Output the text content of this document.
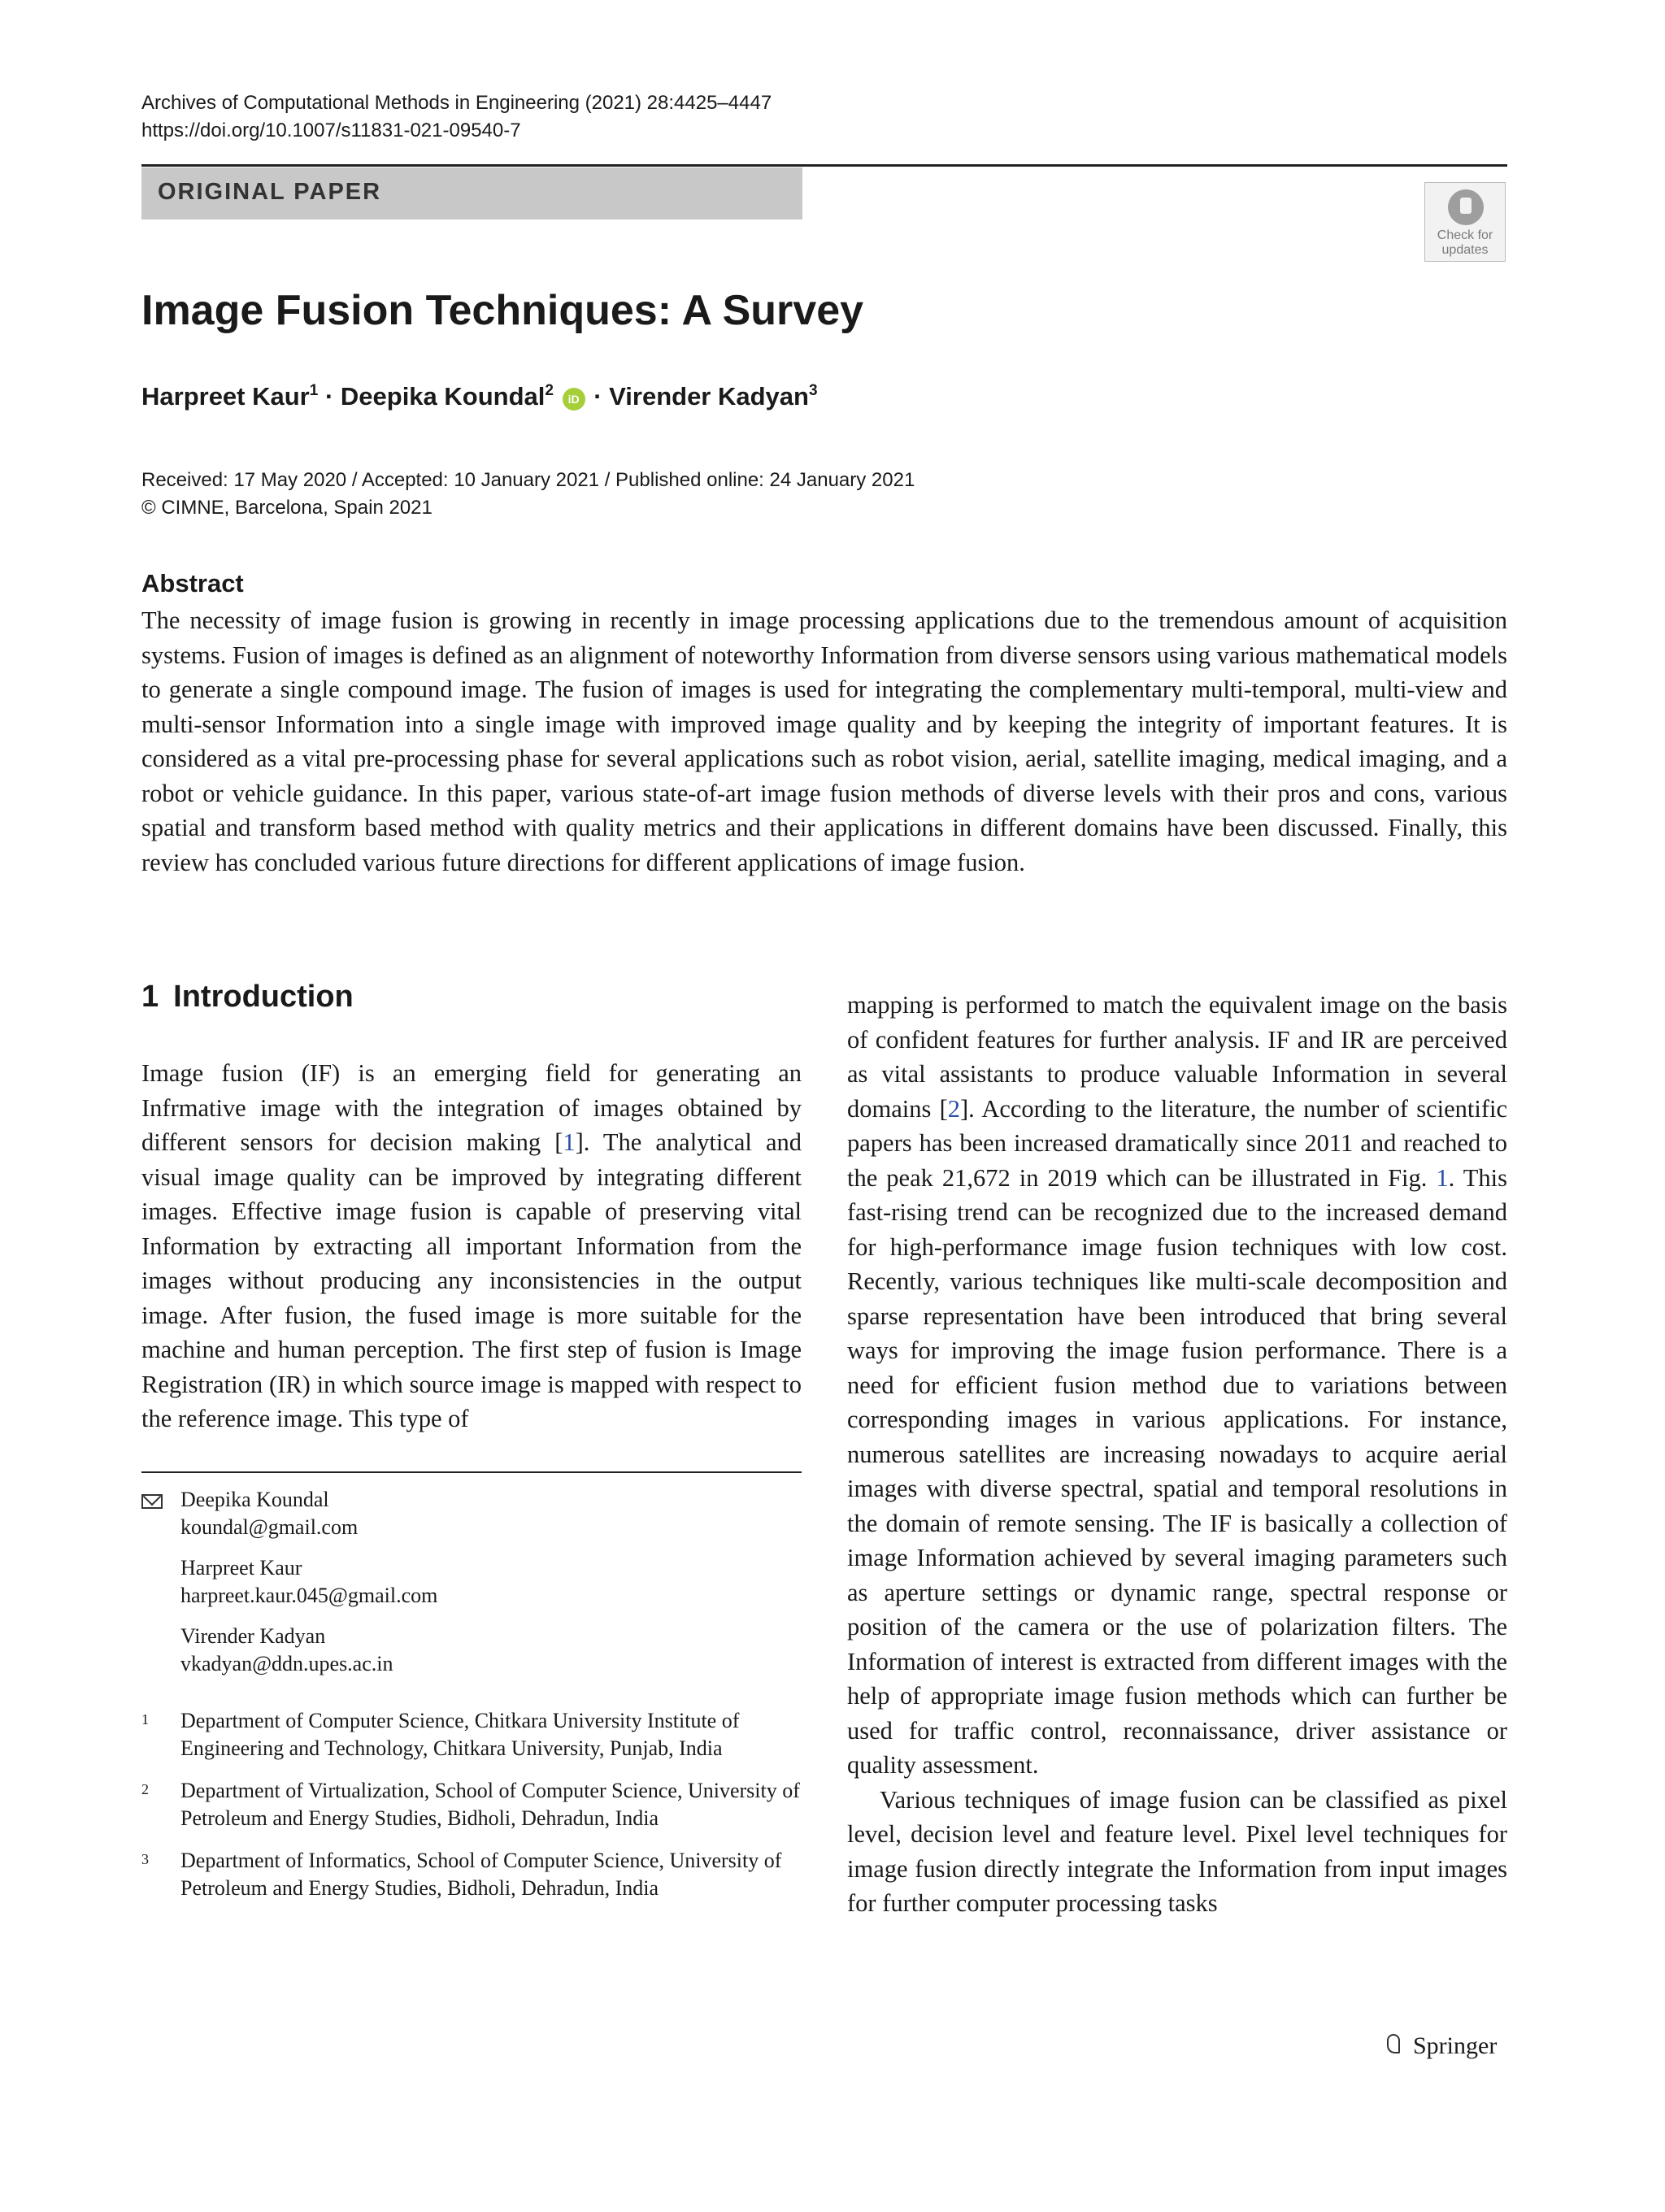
Archives of Computational Methods in Engineering (2021) 28:4425–4447
https://doi.org/10.1007/s11831-021-09540-7
ORIGINAL PAPER
Check for
updates
Image Fusion Techniques: A Survey
Harpreet Kaur$^1$ · Deepika Koundal$^2$ iD · Virender Kadyan$^3$
Received: 17 May 2020 / Accepted: 10 January 2021 / Published online: 24 January 2021
© CIMNE, Barcelona, Spain 2021
Abstract
The necessity of image fusion is growing in recently in image processing applications due to the tremendous amount of acquisition systems. Fusion of images is defined as an alignment of noteworthy Information from diverse sensors using various mathematical models to generate a single compound image. The fusion of images is used for integrating the complementary multi-temporal, multi-view and multi-sensor Information into a single image with improved image quality and by keeping the integrity of important features. It is considered as a vital pre-processing phase for several applications such as robot vision, aerial, satellite imaging, medical imaging, and a robot or vehicle guidance. In this paper, various state-of-art image fusion methods of diverse levels with their pros and cons, various spatial and transform based method with quality metrics and their applications in different domains have been discussed. Finally, this review has concluded various future directions for different applications of image fusion.
1 Introduction
Image fusion (IF) is an emerging field for generating an Infrmative image with the integration of images obtained by different sensors for decision making [1]. The analytical and visual image quality can be improved by integrating different images. Effective image fusion is capable of preserving vital Information by extracting all important Information from the images without producing any inconsistencies in the output image. After fusion, the fused image is more suitable for the machine and human perception. The first step of fusion is Image Registration (IR) in which source image is mapped with respect to the reference image. This type of

mapping is performed to match the equivalent image on the basis of confident features for further analysis. IF and IR are perceived as vital assistants to produce valuable Information in several domains [2]. According to the literature, the number of scientific papers has been increased dramatically since 2011 and reached to the peak 21,672 in 2019 which can be illustrated in Fig. 1. This fast-rising trend can be recognized due to the increased demand for high-performance image fusion techniques with low cost. Recently, various techniques like multi-scale decomposition and sparse representation have been introduced that bring several ways for improving the image fusion performance. There is a need for efficient fusion method due to variations between corresponding images in various applications. For instance, numerous satellites are increasing nowadays to acquire aerial images with diverse spectral, spatial and temporal resolutions in the domain of remote sensing. The IF is basically a collection of image Information achieved by several imaging parameters such as aperture settings or dynamic range, spectral response or position of the camera or the use of polarization filters. The Information of interest is extracted from different images with the help of appropriate image fusion methods which can further be used for traffic control, reconnaissance, driver assistance or quality assessment.

Various techniques of image fusion can be classified as pixel level, decision level and feature level. Pixel level techniques for image fusion directly integrate the Information from input images for further computer processing tasks

Deepika Koundal
koundal@gmail.com
Harpreet Kaur
harpreet.kaur.045@gmail.com
Virender Kadyan
vkadyan@ddn.upes.ac.in
1 Department of Computer Science, Chitkara University Institute of Engineering and Technology, Chitkara University, Punjab, India
2 Department of Virtualization, School of Computer Science, University of Petroleum and Energy Studies, Bidholi, Dehradun, India
3 Department of Informatics, School of Computer Science, University of Petroleum and Energy Studies, Bidholi, Dehradun, India
Springer
